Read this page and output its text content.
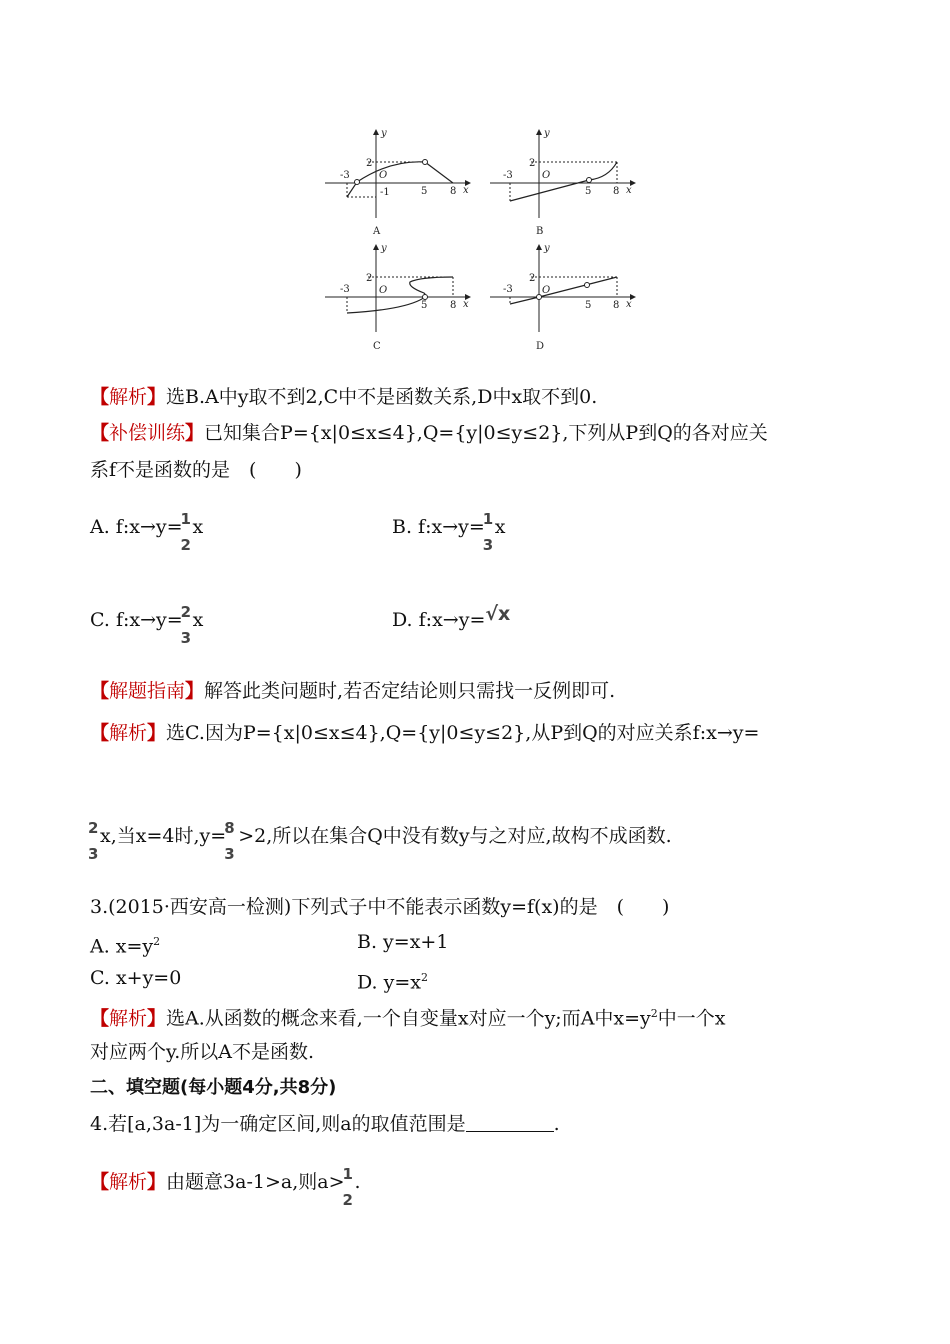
y
x
O
-3
2
5 8
-1
A
y
x
O
-3
2
5 8
B
y
x
O
-3
2
5 8
C
y
x
O
-3
2
5 8
D
【解析】选B.A中y取不到2,C中不是函数关系,D中x取不到0.
【补偿训练】已知集合P={x|0≤x≤4},Q={y|0≤y≤2},下列从P到Q的各对应关
系f不是函数的是　(　　)
A. f:x→y=
1
2
x	B. f:x→y=
1
3
x
C. f:x→y=
2
3
x	D. f:x→y=√x
【解题指南】解答此类问题时,若否定结论则只需找一反例即可.
【解析】选C.因为P={x|0≤x≤4},Q={y|0≤y≤2},从P到Q的对应关系f:x→y=
2
3
x,当x=4时,y=
8
3
>2,所以在集合Q中没有数y与之对应,故构不成函数.
3.(2015·西安高一检测)下列式子中不能表示函数y=f(x)的是　(　　)
A. $x=y^2$	B. y=x+1
C. x+y=0	D. $y=x^2$
【解析】选A.从函数的概念来看,一个自变量x对应一个y;而A中$x=y^2$中一个x
对应两个y.所以A不是函数.
二、填空题(每小题4分,共8分)
4.若[a,3a-1]为一确定区间,则a的取值范围是	.
【解析】由题意3a-1>a,则a>
1
2
.
